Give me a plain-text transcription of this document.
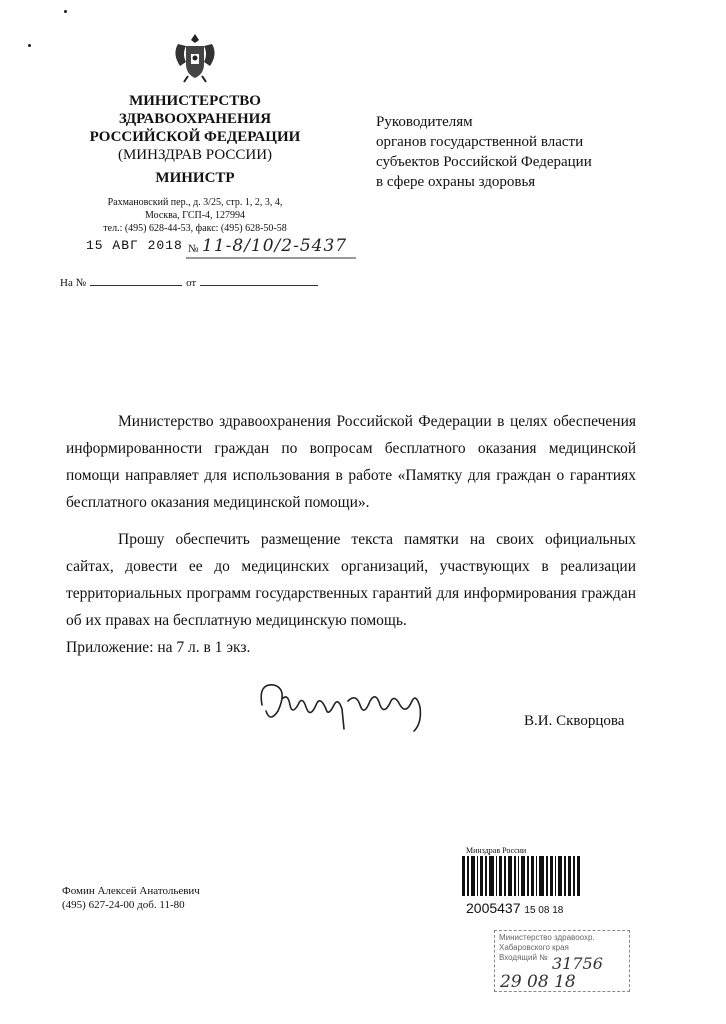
МИНИСТЕРСТВО
ЗДРАВООХРАНЕНИЯ
РОССИЙСКОЙ ФЕДЕРАЦИИ
(МИНЗДРАВ РОССИИ)
МИНИСТР
Рахмановский пер., д. 3/25, стр. 1, 2, 3, 4,
Москва, ГСП-4, 127994
тел.: (495) 628-44-53, факс: (495) 628-50-58
15 АВГ 2018 № 11-8/10/2-5437
На №	от
Руководителям
органов государственной власти
субъектов Российской Федерации
в сфере охраны здоровья

Министерство здравоохранения Российской Федерации в целях обеспечения информированности граждан по вопросам бесплатного оказания медицинской помощи направляет для использования в работе «Памятку для граждан о гарантиях бесплатного оказания медицинской помощи».

Прошу обеспечить размещение текста памятки на своих официальных сайтах, довести ее до медицинских организаций, участвующих в реализации территориальных программ государственных гарантий для информирования граждан об их правах на бесплатную медицинскую помощь.

Приложение: на 7 л. в 1 экз.

В.И. Скворцова
Фомин Алексей Анатольевич
(495) 627-24-00 доб. 11-80
Минздрав России
2005437 15 08 18
Министерство здравоохр.
Хабаровского края
Входящий № 31756
29 08 18
